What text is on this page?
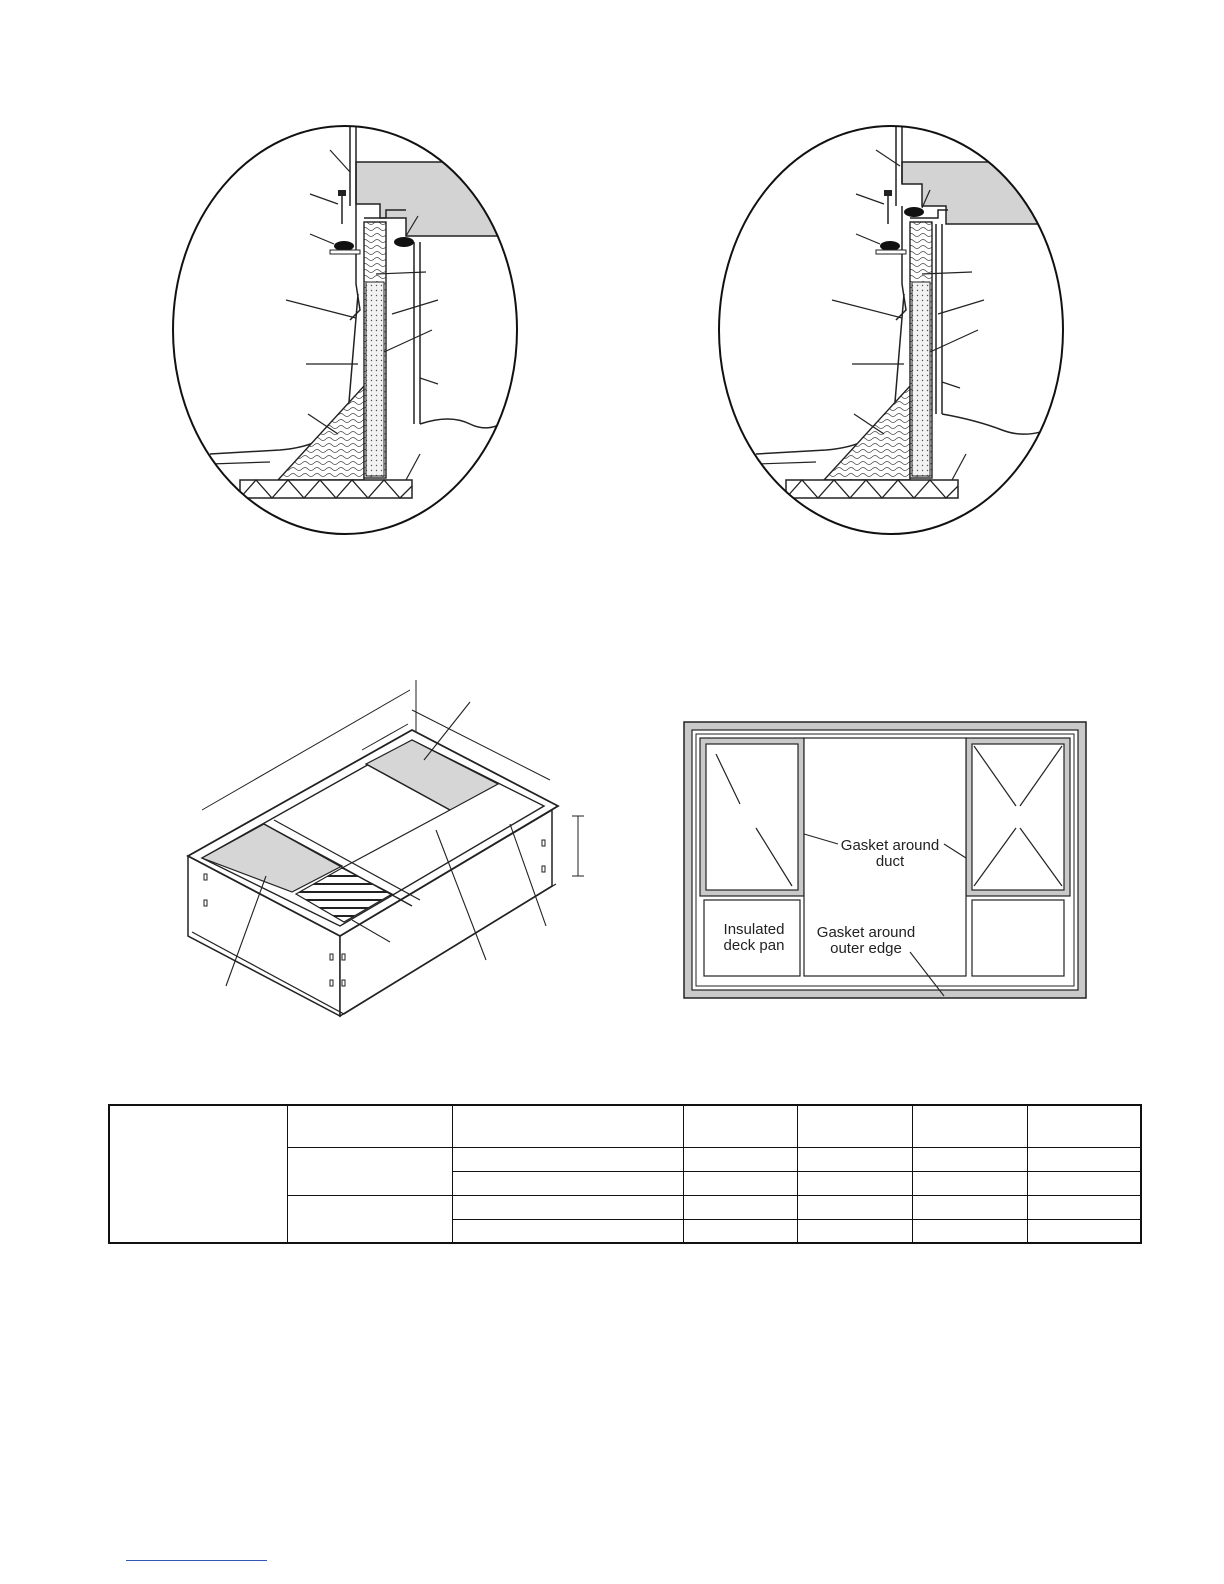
Gasket around
duct
Insulated
deck pan
Gasket around
outer edge
